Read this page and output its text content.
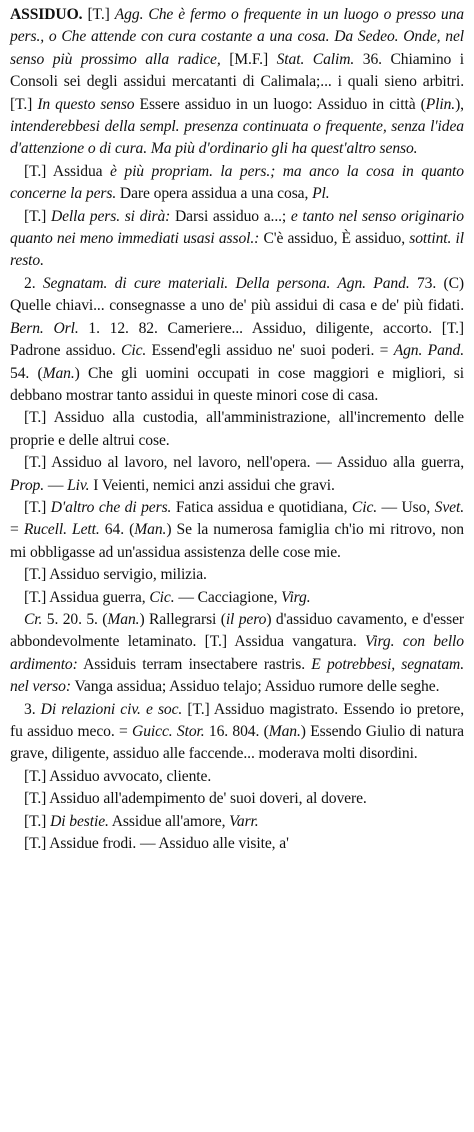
ASSIDUO. [T.] Agg. Che è fermo o frequente in un luogo o presso una pers., o Che attende con cura costante a una cosa. Da Sedeo. Onde, nel senso più prossimo alla radice, [M.F.] Stat. Calim. 36. Chiamino i Consoli sei degli assidui mercatanti di Calimala;... i quali sieno arbitri. [T.] In questo senso Essere assiduo in un luogo: Assiduo in città (Plin.), intenderebbesi della sempl. presenza continuata o frequente, senza l'idea d'attenzione o di cura. Ma più d'ordinario gli ha quest'altro senso.

[T.] Assidua è più propriam. la pers.; ma anco la cosa in quanto concerne la pers. Dare opera assidua a una cosa, Pl.

[T.] Della pers. si dirà: Darsi assiduo a...; e tanto nel senso originario quanto nei meno immediati usasi assol.: C'è assiduo, È assiduo, sottint. il resto.

2. Segnatam. di cure materiali. Della persona. Agn. Pand. 73. (C) Quelle chiavi... consegnasse a uno de' più assidui di casa e de' più fidati. Bern. Orl. 1. 12. 82. Cameriere... Assiduo, diligente, accorto. [T.] Padrone assiduo. Cic. Essend'egli assiduo ne' suoi poderi. = Agn. Pand. 54. (Man.) Che gli uomini occupati in cose maggiori e migliori, si debbano mostrar tanto assidui in queste minori cose di casa.

[T.] Assiduo alla custodia, all'amministrazione, all'incremento delle proprie e delle altrui cose.

[T.] Assiduo al lavoro, nel lavoro, nell'opera. — Assiduo alla guerra, Prop. — Liv. I Veienti, nemici anzi assidui che gravi.

[T.] D'altro che di pers. Fatica assidua e quotidiana, Cic. — Uso, Svet. = Rucell. Lett. 64. (Man.) Se la numerosa famiglia ch'io mi ritrovo, non mi obbligasse ad un'assidua assistenza delle cose mie.

[T.] Assiduo servigio, milizia.

[T.] Assidua guerra, Cic. — Cacciagione, Virg.

Cr. 5. 20. 5. (Man.) Rallegrarsi (il pero) d'assiduo cavamento, e d'esser abbondevolmente letaminato. [T.] Assidua vangatura. Virg. con bello ardimento: Assiduis terram insectabere rastris. E potrebbesi, segnatam. nel verso: Vanga assidua; Assiduo telajo; Assiduo rumore delle seghe.

3. Di relazioni civ. e soc. [T.] Assiduo magistrato. Essendo io pretore, fu assiduo meco. = Guicc. Stor. 16. 804. (Man.) Essendo Giulio di natura grave, diligente, assiduo alle faccende... moderava molti disordini.

[T.] Assiduo avvocato, cliente.

[T.] Assiduo all'adempimento de' suoi doveri, al dovere.

[T.] Di bestie. Assidue all'amore, Varr.

[T.] Assidue frodi. — Assiduo alle visite, a'
